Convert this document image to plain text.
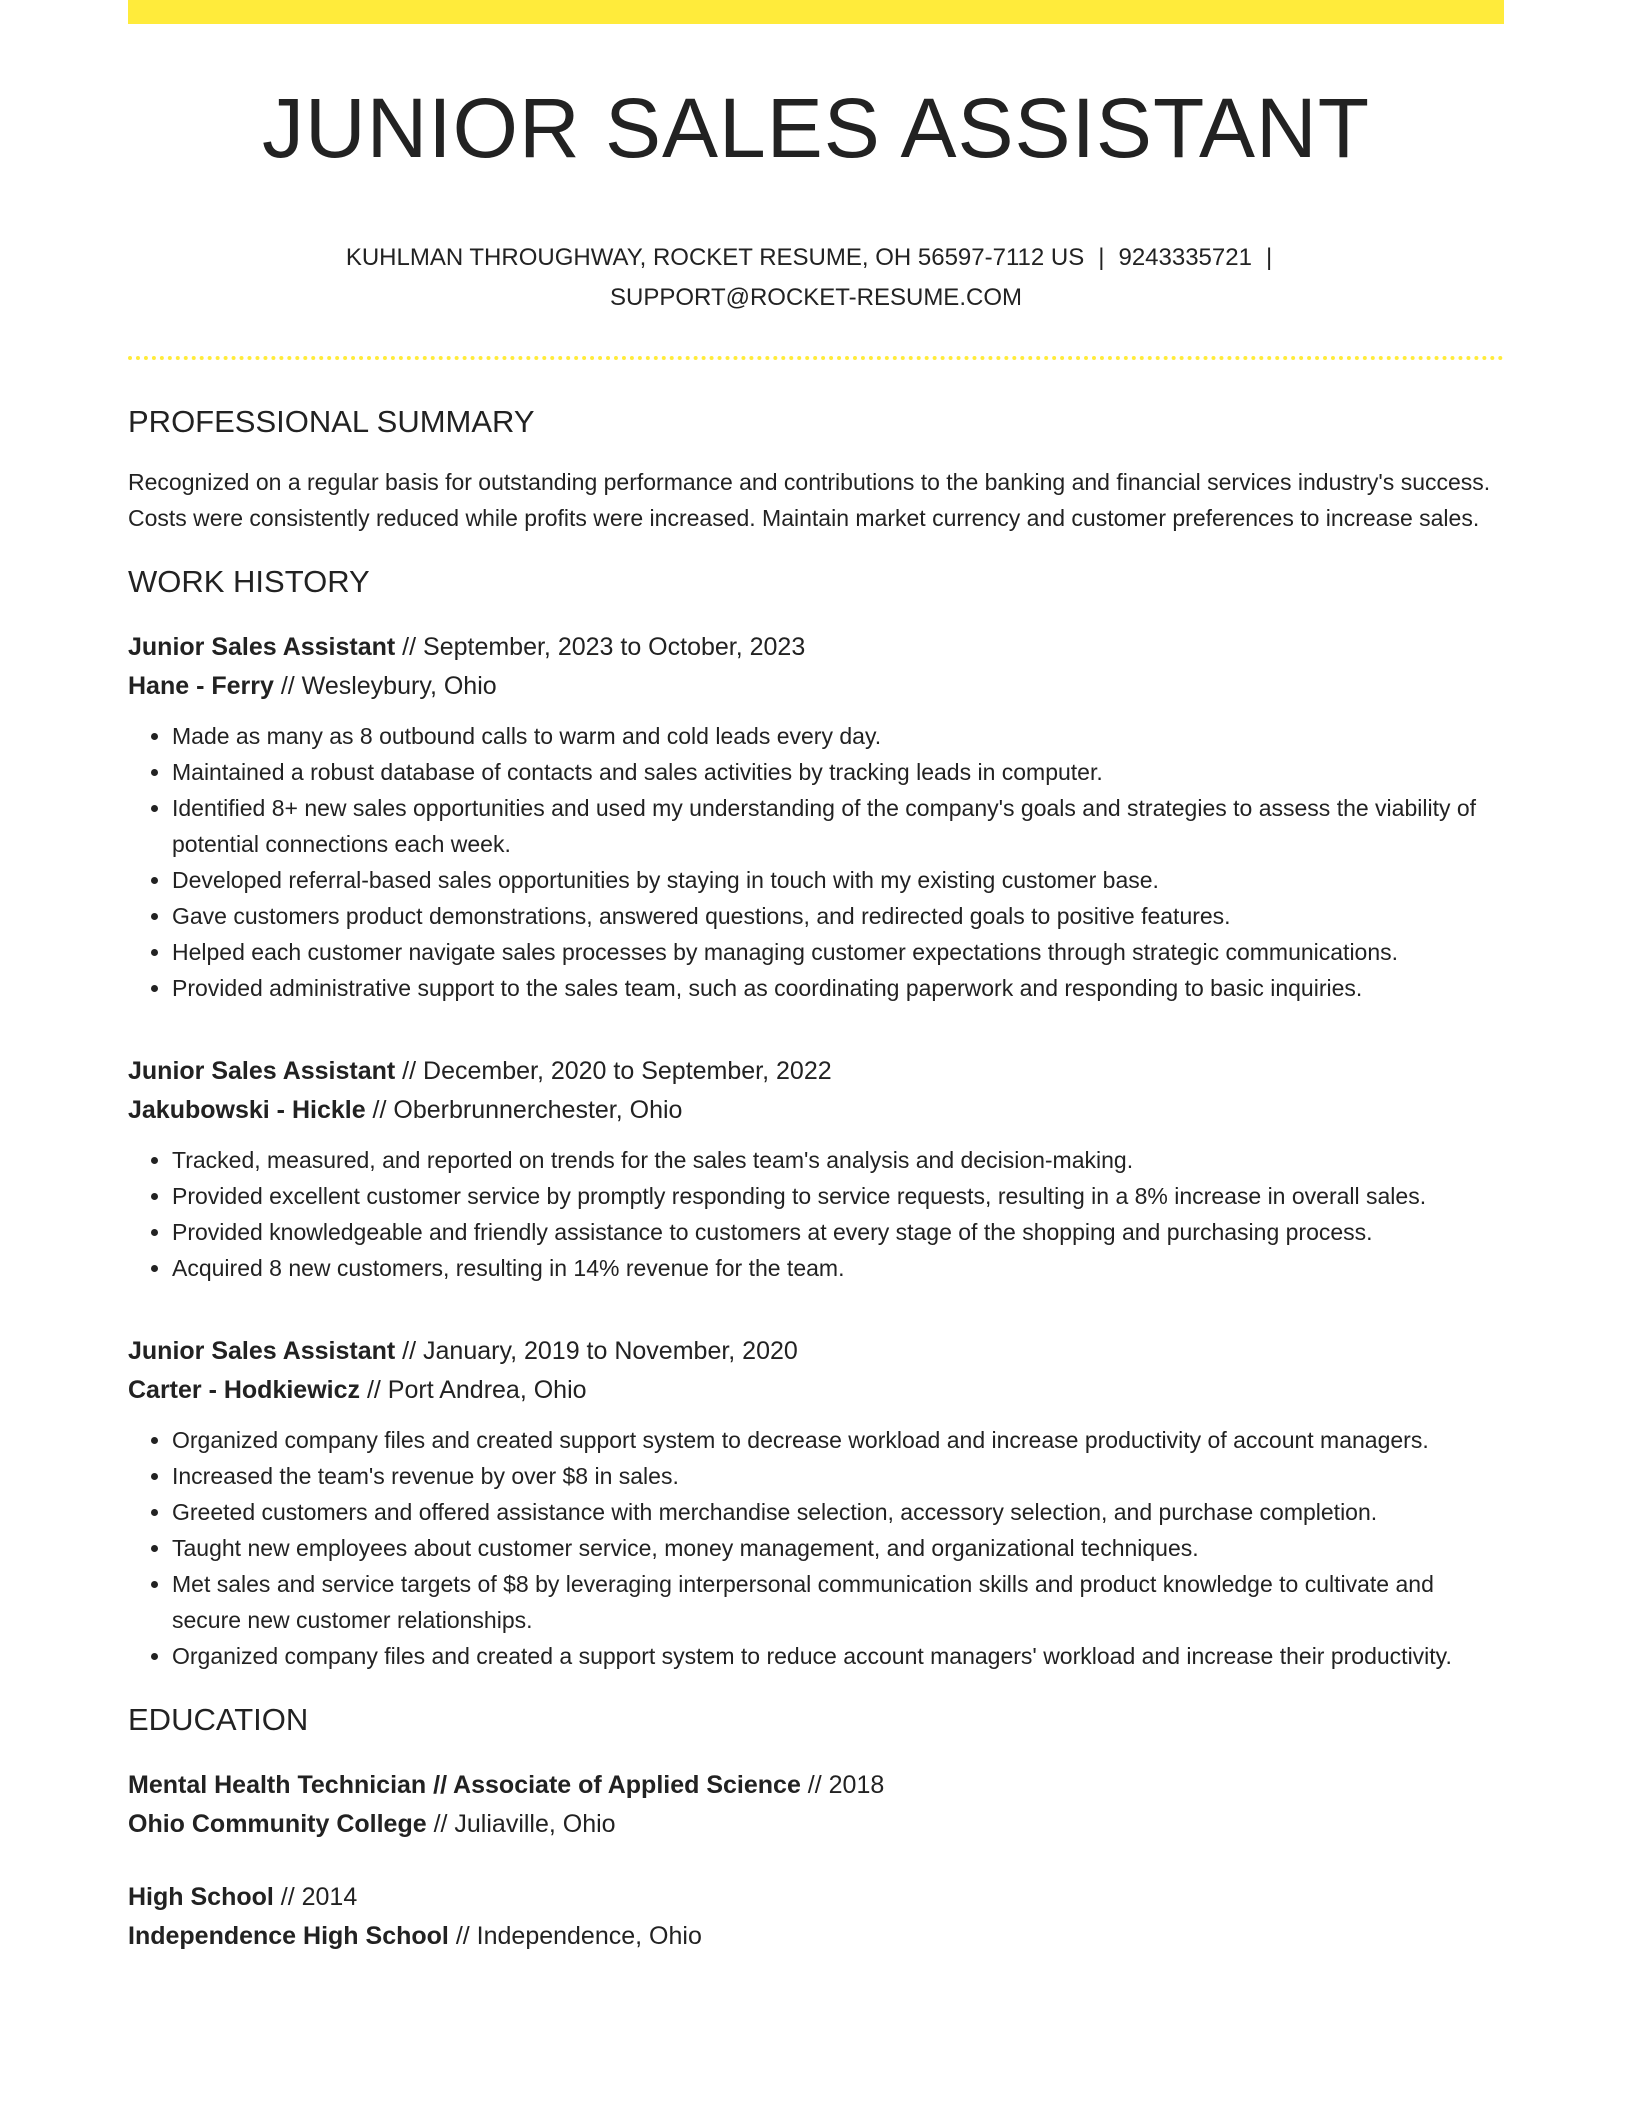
JUNIOR SALES ASSISTANT
KUHLMAN THROUGHWAY, ROCKET RESUME, OH 56597-7112 US | 9243335721 |
SUPPORT@ROCKET-RESUME.COM
PROFESSIONAL SUMMARY
Recognized on a regular basis for outstanding performance and contributions to the banking and financial services industry's success. Costs were consistently reduced while profits were increased. Maintain market currency and customer preferences to increase sales.
WORK HISTORY
Junior Sales Assistant // September, 2023 to October, 2023
Hane - Ferry // Wesleybury, Ohio
• Made as many as 8 outbound calls to warm and cold leads every day.
• Maintained a robust database of contacts and sales activities by tracking leads in computer.
• Identified 8+ new sales opportunities and used my understanding of the company's goals and strategies to assess the viability of potential connections each week.
• Developed referral-based sales opportunities by staying in touch with my existing customer base.
• Gave customers product demonstrations, answered questions, and redirected goals to positive features.
• Helped each customer navigate sales processes by managing customer expectations through strategic communications.
• Provided administrative support to the sales team, such as coordinating paperwork and responding to basic inquiries.
Junior Sales Assistant // December, 2020 to September, 2022
Jakubowski - Hickle // Oberbrunnerchester, Ohio
• Tracked, measured, and reported on trends for the sales team's analysis and decision-making.
• Provided excellent customer service by promptly responding to service requests, resulting in a 8% increase in overall sales.
• Provided knowledgeable and friendly assistance to customers at every stage of the shopping and purchasing process.
• Acquired 8 new customers, resulting in 14% revenue for the team.
Junior Sales Assistant // January, 2019 to November, 2020
Carter - Hodkiewicz // Port Andrea, Ohio
• Organized company files and created support system to decrease workload and increase productivity of account managers.
• Increased the team's revenue by over $8 in sales.
• Greeted customers and offered assistance with merchandise selection, accessory selection, and purchase completion.
• Taught new employees about customer service, money management, and organizational techniques.
• Met sales and service targets of $8 by leveraging interpersonal communication skills and product knowledge to cultivate and secure new customer relationships.
• Organized company files and created a support system to reduce account managers' workload and increase their productivity.
EDUCATION
Mental Health Technician // Associate of Applied Science // 2018
Ohio Community College // Juliaville, Ohio
High School // 2014
Independence High School // Independence, Ohio
